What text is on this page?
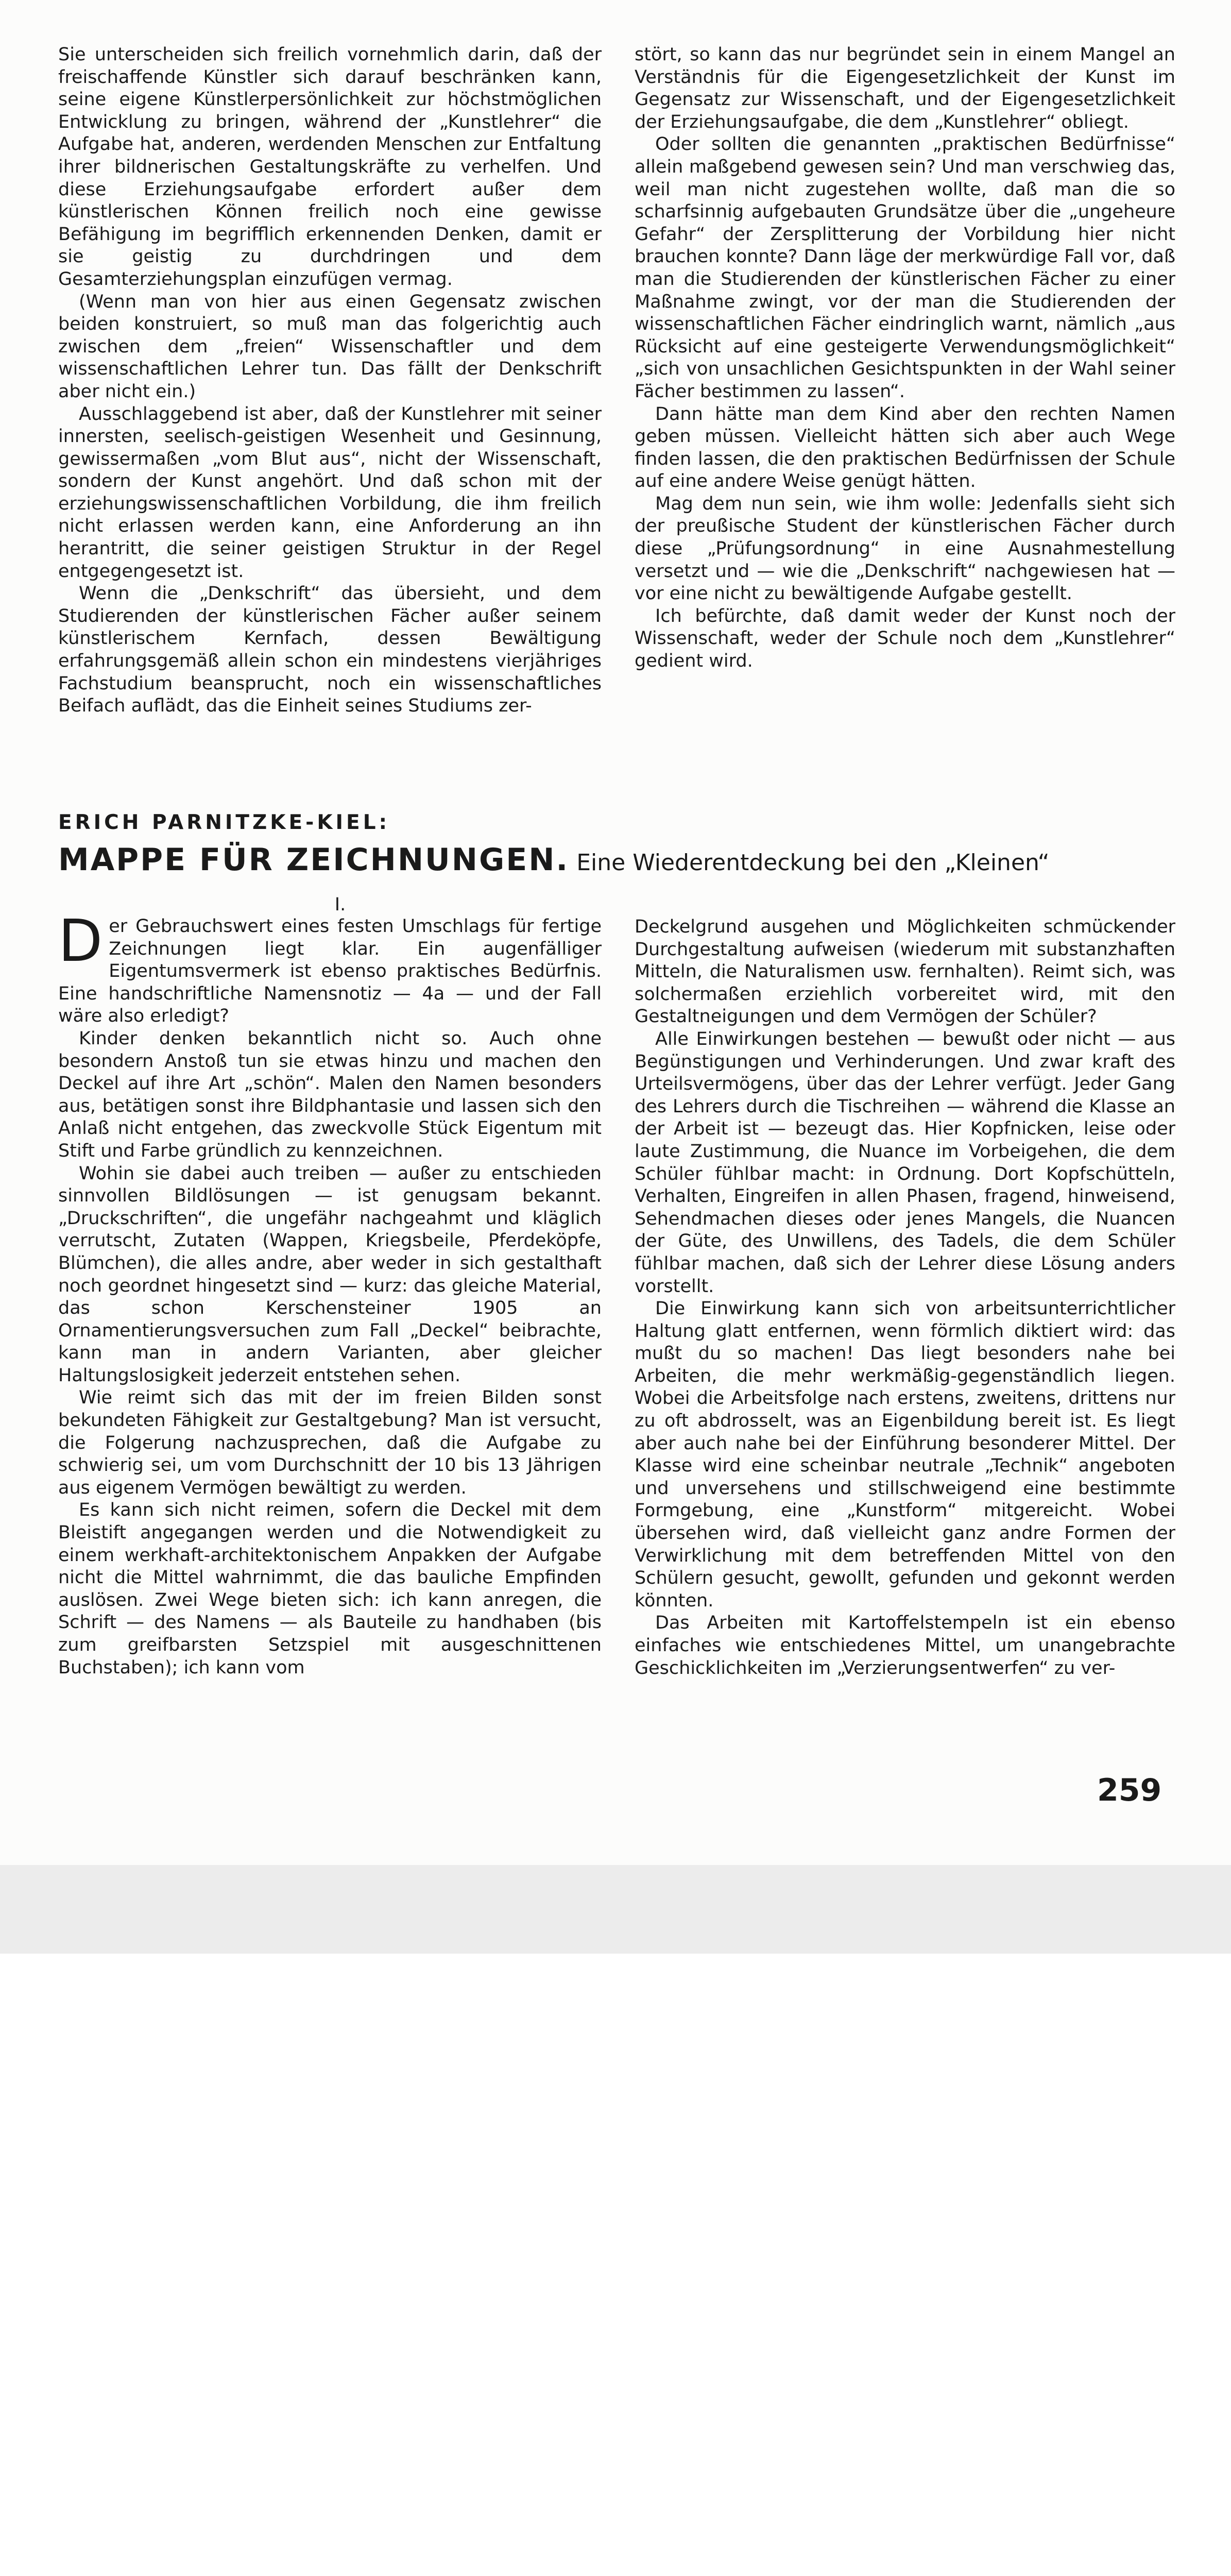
Sie unterscheiden sich freilich vornehmlich darin, daß der freischaffende Künstler sich darauf beschränken kann, seine eigene Künstlerpersönlichkeit zur höchstmöglichen Entwicklung zu bringen, während der „Kunstlehrer“ die Aufgabe hat, anderen, werdenden Menschen zur Entfaltung ihrer bildnerischen Gestaltungskräfte zu verhelfen. Und diese Erziehungsaufgabe erfordert außer dem künstlerischen Können freilich noch eine gewisse Befähigung im begrifflich erkennenden Denken, damit er sie geistig zu durchdringen und dem Gesamterziehungsplan einzufügen vermag.

(Wenn man von hier aus einen Gegensatz zwischen beiden konstruiert, so muß man das folgerichtig auch zwischen dem „freien“ Wissenschaftler und dem wissenschaftlichen Lehrer tun. Das fällt der Denkschrift aber nicht ein.)

Ausschlaggebend ist aber, daß der Kunstlehrer mit seiner innersten, seelisch-geistigen Wesenheit und Gesinnung, gewissermaßen „vom Blut aus“, nicht der Wissenschaft, sondern der Kunst angehört. Und daß schon mit der erziehungswissenschaftlichen Vorbildung, die ihm freilich nicht erlassen werden kann, eine Anforderung an ihn herantritt, die seiner geistigen Struktur in der Regel entgegengesetzt ist.

Wenn die „Denkschrift“ das übersieht, und dem Studierenden der künstlerischen Fächer außer seinem künstlerischem Kernfach, dessen Bewältigung erfahrungsgemäß allein schon ein mindestens vierjähriges Fachstudium beansprucht, noch ein wissenschaftliches Beifach auflädt, das die Einheit seines Studiums zer-

stört, so kann das nur begründet sein in einem Mangel an Verständnis für die Eigengesetzlichkeit der Kunst im Gegensatz zur Wissenschaft, und der Eigengesetzlichkeit der Erziehungsaufgabe, die dem „Kunstlehrer“ obliegt.

Oder sollten die genannten „praktischen Bedürfnisse“ allein maßgebend gewesen sein? Und man verschwieg das, weil man nicht zugestehen wollte, daß man die so scharfsinnig aufgebauten Grundsätze über die „ungeheure Gefahr“ der Zersplitterung der Vorbildung hier nicht brauchen konnte? Dann läge der merkwürdige Fall vor, daß man die Studierenden der künstlerischen Fächer zu einer Maßnahme zwingt, vor der man die Studierenden der wissenschaftlichen Fächer eindringlich warnt, nämlich „aus Rücksicht auf eine gesteigerte Verwendungsmöglichkeit“ „sich von unsachlichen Gesichtspunkten in der Wahl seiner Fächer bestimmen zu lassen“.

Dann hätte man dem Kind aber den rechten Namen geben müssen. Vielleicht hätten sich aber auch Wege finden lassen, die den praktischen Bedürfnissen der Schule auf eine andere Weise genügt hätten.

Mag dem nun sein, wie ihm wolle: Jedenfalls sieht sich der preußische Student der künstlerischen Fächer durch diese „Prüfungsordnung“ in eine Ausnahmestellung versetzt und — wie die „Denkschrift“ nachgewiesen hat — vor eine nicht zu bewältigende Aufgabe gestellt.

Ich befürchte, daß damit weder der Kunst noch der Wissenschaft, weder der Schule noch dem „Kunstlehrer“ gedient wird.

ERICH PARNITZKE-KIEL:
MAPPE FÜR ZEICHNUNGEN. Eine Wiederentdeckung bei den „Kleinen“

I.

Der Gebrauchswert eines festen Umschlags für fertige Zeichnungen liegt klar. Ein augenfälliger Eigentumsvermerk ist ebenso praktisches Bedürfnis. Eine handschriftliche Namensnotiz — 4a — und der Fall wäre also erledigt?

Kinder denken bekanntlich nicht so. Auch ohne besondern Anstoß tun sie etwas hinzu und machen den Deckel auf ihre Art „schön“. Malen den Namen besonders aus, betätigen sonst ihre Bildphantasie und lassen sich den Anlaß nicht entgehen, das zweckvolle Stück Eigentum mit Stift und Farbe gründlich zu kennzeichnen.

Wohin sie dabei auch treiben — außer zu entschieden sinnvollen Bildlösungen — ist genugsam bekannt. „Druckschriften“, die ungefähr nachgeahmt und kläglich verrutscht, Zutaten (Wappen, Kriegsbeile, Pferdeköpfe, Blümchen), die alles andre, aber weder in sich gestalthaft noch geordnet hingesetzt sind — kurz: das gleiche Material, das schon Kerschensteiner 1905 an Ornamentierungsversuchen zum Fall „Deckel“ beibrachte, kann man in andern Varianten, aber gleicher Haltungslosigkeit jederzeit entstehen sehen.

Wie reimt sich das mit der im freien Bilden sonst bekundeten Fähigkeit zur Gestaltgebung? Man ist versucht, die Folgerung nachzusprechen, daß die Aufgabe zu schwierig sei, um vom Durchschnitt der 10 bis 13 Jährigen aus eigenem Vermögen bewältigt zu werden.

Es kann sich nicht reimen, sofern die Deckel mit dem Bleistift angegangen werden und die Notwendigkeit zu einem werkhaft-architektonischem Anpakken der Aufgabe nicht die Mittel wahrnimmt, die das bauliche Empfinden auslösen. Zwei Wege bieten sich: ich kann anregen, die Schrift — des Namens — als Bauteile zu handhaben (bis zum greifbarsten Setzspiel mit ausgeschnittenen Buchstaben); ich kann vom

Deckelgrund ausgehen und Möglichkeiten schmückender Durchgestaltung aufweisen (wiederum mit substanzhaften Mitteln, die Naturalismen usw. fernhalten). Reimt sich, was solchermaßen erziehlich vorbereitet wird, mit den Gestaltneigungen und dem Vermögen der Schüler?

Alle Einwirkungen bestehen — bewußt oder nicht — aus Begünstigungen und Verhinderungen. Und zwar kraft des Urteilsvermögens, über das der Lehrer verfügt. Jeder Gang des Lehrers durch die Tischreihen — während die Klasse an der Arbeit ist — bezeugt das. Hier Kopfnicken, leise oder laute Zustimmung, die Nuance im Vorbeigehen, die dem Schüler fühlbar macht: in Ordnung. Dort Kopfschütteln, Verhalten, Eingreifen in allen Phasen, fragend, hinweisend, Sehendmachen dieses oder jenes Mangels, die Nuancen der Güte, des Unwillens, des Tadels, die dem Schüler fühlbar machen, daß sich der Lehrer diese Lösung anders vorstellt.

Die Einwirkung kann sich von arbeitsunterrichtlicher Haltung glatt entfernen, wenn förmlich diktiert wird: das mußt du so machen! Das liegt besonders nahe bei Arbeiten, die mehr werkmäßig-gegenständlich liegen. Wobei die Arbeitsfolge nach erstens, zweitens, drittens nur zu oft abdrosselt, was an Eigenbildung bereit ist. Es liegt aber auch nahe bei der Einführung besonderer Mittel. Der Klasse wird eine scheinbar neutrale „Technik“ angeboten und unversehens und stillschweigend eine bestimmte Formgebung, eine „Kunstform“ mitgereicht. Wobei übersehen wird, daß vielleicht ganz andre Formen der Verwirklichung mit dem betreffenden Mittel von den Schülern gesucht, gewollt, gefunden und gekonnt werden könnten.

Das Arbeiten mit Kartoffelstempeln ist ein ebenso einfaches wie entschiedenes Mittel, um unangebrachte Geschicklichkeiten im „Verzierungsentwerfen“ zu ver-

259
